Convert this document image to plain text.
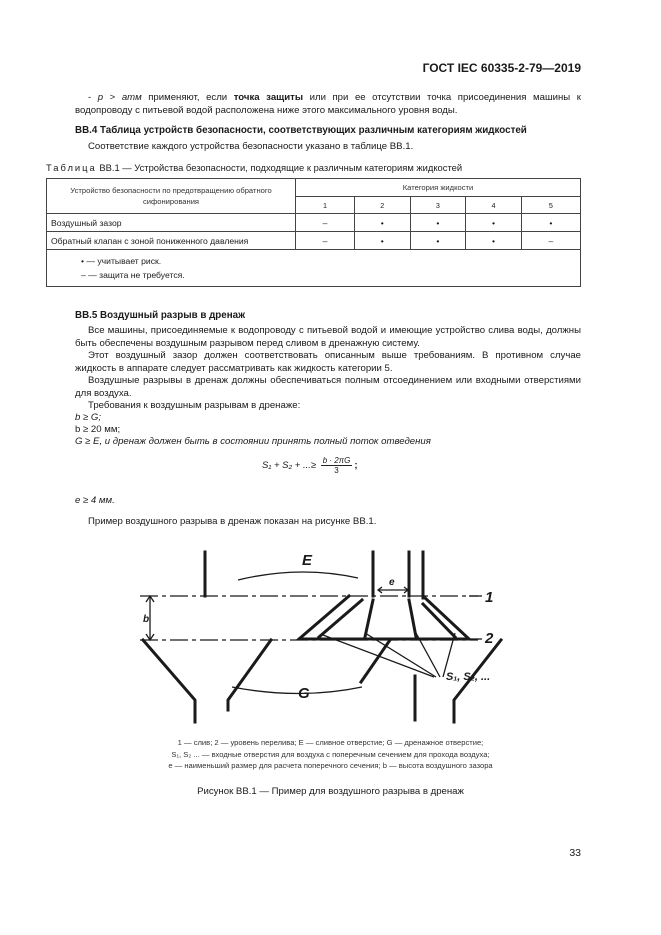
ГОСТ IEC 60335-2-79—2019
- p > атм применяют, если точка защиты или при ее отсутствии точка присоединения машины к водопроводу с питьевой водой расположена ниже этого максимального уровня воды.
ВВ.4 Таблица устройств безопасности, соответствующих различным категориям жидкостей
Соответствие каждого устройства безопасности указано в таблице ВВ.1.
Таблица ВВ.1 — Устройства безопасности, подходящие к различным категориям жидкостей
Устройство безопасности по предотвращению обратного сифонирования	Категория жидкости				
	1	2	3	4	5
Воздушный зазор	–	•	•	•	•
Обратный клапан с зоной пониженного давления	–	•	•	•	–

• — учитывает риск.
– — защита не требуется.					
ВВ.5 Воздушный разрыв в дренаж
Все машины, присоединяемые к водопроводу с питьевой водой и имеющие устройство слива воды, должны быть обеспечены воздушным разрывом перед сливом в дренажную систему.
Этот воздушный зазор должен соответствовать описанным выше требованиям. В противном случае жидкость в аппарате следует рассматривать как жидкость категории 5.
Воздушные разрывы в дренаж должны обеспечиваться полным отсоединением или входными отверстиями для воздуха.
Требования к воздушным разрывам в дренаже:
b ≥ G;
b ≥ 20 мм;
G ≥ E, и дренаж должен быть в состоянии принять полный поток отведения
S₁ + S₂ + ...≥ $\frac{b \cdot 2\pi G}{3}$ ;
e ≥ 4 мм.
Пример воздушного разрыва в дренаж показан на рисунке ВВ.1.
E
G
e
b
1
2
S₁, S₂, ...
1 — слив; 2 — уровень перелива; E — сливное отверстие; G — дренажное отверстие;
S₁, S₂ ... — входные отверстия для воздуха с поперечным сечением для прохода воздуха;
e — наименьший размер для расчета поперечного сечения; b — высота воздушного зазора
Рисунок ВВ.1 — Пример для воздушного разрыва в дренаж
33
